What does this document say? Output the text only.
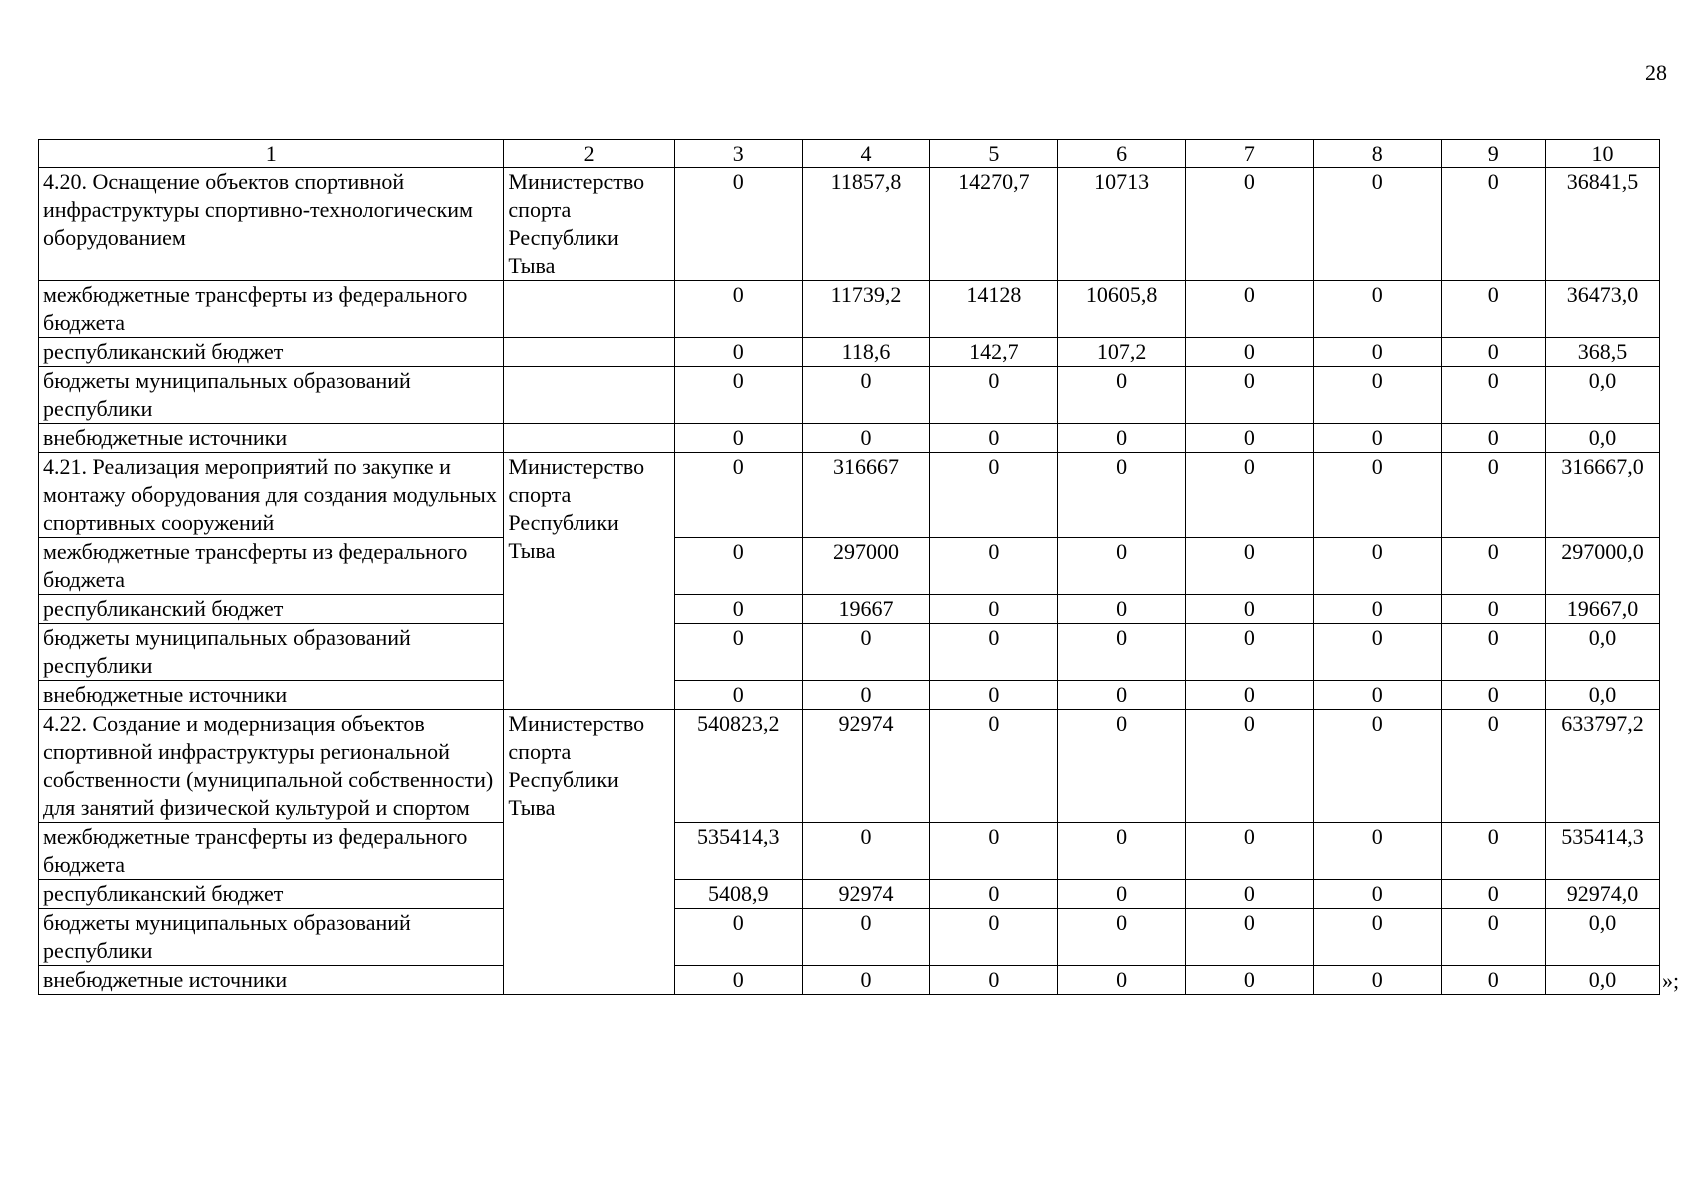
28
1	2	3	4	5	6	7	8	9	10
4.20. Оснащение объектов спортивной инфраструктуры спортивно-технологическим оборудованием	Министерство спорта Республики Тыва	0	11857,8	14270,7	10713	0	0	0	36841,5
межбюджетные трансферты из федерального бюджета		0	11739,2	14128	10605,8	0	0	0	36473,0
республиканский бюджет		0	118,6	142,7	107,2	0	0	0	368,5
бюджеты муниципальных образований республики		0	0	0	0	0	0	0	0,0
внебюджетные источники		0	0	0	0	0	0	0	0,0
4.21. Реализация мероприятий по закупке и монтажу оборудования для создания модульных спортивных сооружений	Министерство спорта Республики Тыва	0	316667	0	0	0	0	0	316667,0
межбюджетные трансферты из федерального бюджета		0	297000	0	0	0	0	0	297000,0
республиканский бюджет		0	19667	0	0	0	0	0	19667,0
бюджеты муниципальных образований республики		0	0	0	0	0	0	0	0,0
внебюджетные источники		0	0	0	0	0	0	0	0,0
4.22. Создание и модернизация объектов спортивной инфраструктуры региональной собственности (муниципальной собственности) для занятий физической культурой и спортом	Министерство спорта Республики Тыва	540823,2	92974	0	0	0	0	0	633797,2
межбюджетные трансферты из федерального бюджета		535414,3	0	0	0	0	0	0	535414,3
республиканский бюджет		5408,9	92974	0	0	0	0	0	92974,0
бюджеты муниципальных образований республики		0	0	0	0	0	0	0	0,0
внебюджетные источники		0	0	0	0	0	0	0	0,0 »;
